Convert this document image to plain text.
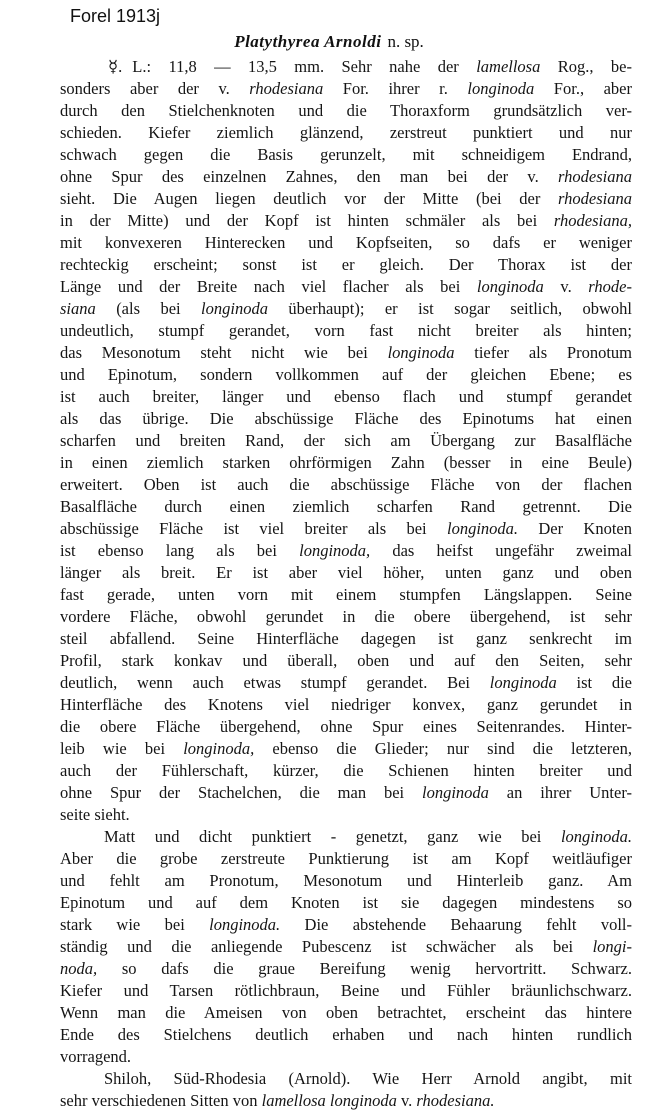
Forel 1913j
Platythyrea Arnoldi n. sp.
☿. L.: 11,8 — 13,5 mm. Sehr nahe der lamellosa Rog., be-
sonders aber der v. rhodesiana For. ihrer r. longinoda For., aber
durch den Stielchenknoten und die Thoraxform grundsätzlich ver-
schieden. Kiefer ziemlich glänzend, zerstreut punktiert und nur
schwach gegen die Basis gerunzelt, mit schneidigem Endrand,
ohne Spur des einzelnen Zahnes, den man bei der v. rhodesiana
sieht. Die Augen liegen deutlich vor der Mitte (bei der rhodesiana
in der Mitte) und der Kopf ist hinten schmäler als bei rhodesiana,
mit konvexeren Hinterecken und Kopfseiten, so dafs er weniger
rechteckig erscheint; sonst ist er gleich. Der Thorax ist der
Länge und der Breite nach viel flacher als bei longinoda v. rhode-
siana (als bei longinoda überhaupt); er ist sogar seitlich, obwohl
undeutlich, stumpf gerandet, vorn fast nicht breiter als hinten;
das Mesonotum steht nicht wie bei longinoda tiefer als Pronotum
und Epinotum, sondern vollkommen auf der gleichen Ebene; es
ist auch breiter, länger und ebenso flach und stumpf gerandet
als das übrige. Die abschüssige Fläche des Epinotums hat einen
scharfen und breiten Rand, der sich am Übergang zur Basalfläche
in einen ziemlich starken ohrförmigen Zahn (besser in eine Beule)
erweitert. Oben ist auch die abschüssige Fläche von der flachen
Basalfläche durch einen ziemlich scharfen Rand getrennt. Die
abschüssige Fläche ist viel breiter als bei longinoda. Der Knoten
ist ebenso lang als bei longinoda, das heifst ungefähr zweimal
länger als breit. Er ist aber viel höher, unten ganz und oben
fast gerade, unten vorn mit einem stumpfen Längslappen. Seine
vordere Fläche, obwohl gerundet in die obere übergehend, ist sehr
steil abfallend. Seine Hinterfläche dagegen ist ganz senkrecht im
Profil, stark konkav und überall, oben und auf den Seiten, sehr
deutlich, wenn auch etwas stumpf gerandet. Bei longinoda ist die
Hinterfläche des Knotens viel niedriger konvex, ganz gerundet in
die obere Fläche übergehend, ohne Spur eines Seitenrandes. Hinter-
leib wie bei longinoda, ebenso die Glieder; nur sind die letzteren,
auch der Fühlerschaft, kürzer, die Schienen hinten breiter und
ohne Spur der Stachelchen, die man bei longinoda an ihrer Unter-
seite sieht.
Matt und dicht punktiert - genetzt, ganz wie bei longinoda.
Aber die grobe zerstreute Punktierung ist am Kopf weitläufiger
und fehlt am Pronotum, Mesonotum und Hinterleib ganz. Am
Epinotum und auf dem Knoten ist sie dagegen mindestens so
stark wie bei longinoda. Die abstehende Behaarung fehlt voll-
ständig und die anliegende Pubescenz ist schwächer als bei longi-
noda, so dafs die graue Bereifung wenig hervortritt. Schwarz.
Kiefer und Tarsen rötlichbraun, Beine und Fühler bräunlichschwarz.
Wenn man die Ameisen von oben betrachtet, erscheint das hintere
Ende des Stielchens deutlich erhaben und nach hinten rundlich
vorragend.
Shiloh, Süd-Rhodesia (Arnold). Wie Herr Arnold angibt, mit
sehr verschiedenen Sitten von lamellosa longinoda v. rhodesiana.
